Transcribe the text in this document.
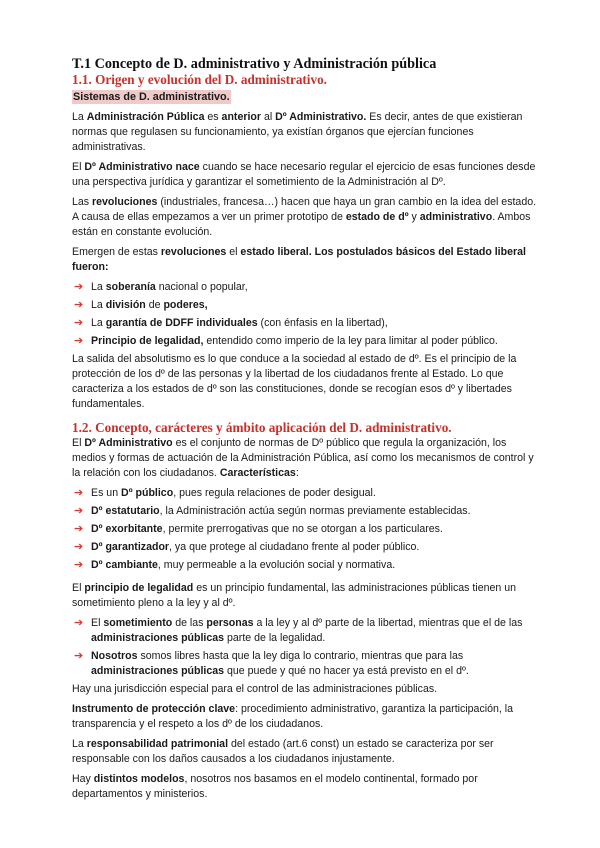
T.1 Concepto de D. administrativo y Administración pública
1.1. Origen y evolución del D. administrativo.
Sistemas de D. administrativo.

La Administración Pública es anterior al Dº Administrativo. Es decir, antes de que existieran normas que regulasen su funcionamiento, ya existían órganos que ejercían funciones administrativas.

El Dº Administrativo nace cuando se hace necesario regular el ejercicio de esas funciones desde una perspectiva jurídica y garantizar el sometimiento de la Administración al Dº.

Las revoluciones (industriales, francesa…) hacen que haya un gran cambio en la idea del estado. A causa de ellas empezamos a ver un primer prototipo de estado de dº y administrativo. Ambos están en constante evolución.

Emergen de estas revoluciones el estado liberal. Los postulados básicos del Estado liberal fueron:

➔ La soberanía nacional o popular,
➔ La división de poderes,
➔ La garantía de DDFF individuales (con énfasis en la libertad),
➔ Principio de legalidad, entendido como imperio de la ley para limitar al poder público.

La salida del absolutismo es lo que conduce a la sociedad al estado de dº. Es el principio de la protección de los dº de las personas y la libertad de los ciudadanos frente al Estado. Lo que caracteriza a los estados de dº son las constituciones, donde se recogían esos dº y libertades fundamentales.

1.2. Concepto, carácteres y ámbito aplicación del D. administrativo.

El Dº Administrativo es el conjunto de normas de Dº público que regula la organización, los medios y formas de actuación de la Administración Pública, así como los mecanismos de control y la relación con los ciudadanos. Características:

➔ Es un Dº público, pues regula relaciones de poder desigual.
➔ Dº estatutario, la Administración actúa según normas previamente establecidas.
➔ Dº exorbitante, permite prerrogativas que no se otorgan a los particulares.
➔ Dº garantizador, ya que protege al ciudadano frente al poder público.
➔ Dº cambiante, muy permeable a la evolución social y normativa.

El principio de legalidad es un principio fundamental, las administraciones públicas tienen un sometimiento pleno a la ley y al dº.

➔ El sometimiento de las personas a la ley y al dº parte de la libertad, mientras que el de las administraciones públicas parte de la legalidad.
➔ Nosotros somos libres hasta que la ley diga lo contrario, mientras que para las administraciones públicas que puede y qué no hacer ya está previsto en el dº.

Hay una jurisdicción especial para el control de las administraciones públicas.

Instrumento de protección clave: procedimiento administrativo, garantiza la participación, la transparencia y el respeto a los dº de los ciudadanos.

La responsabilidad patrimonial del estado (art.6 const) un estado se caracteriza por ser responsable con los daños causados a los ciudadanos injustamente.

Hay distintos modelos, nosotros nos basamos en el modelo continental, formado por departamentos y ministerios.
